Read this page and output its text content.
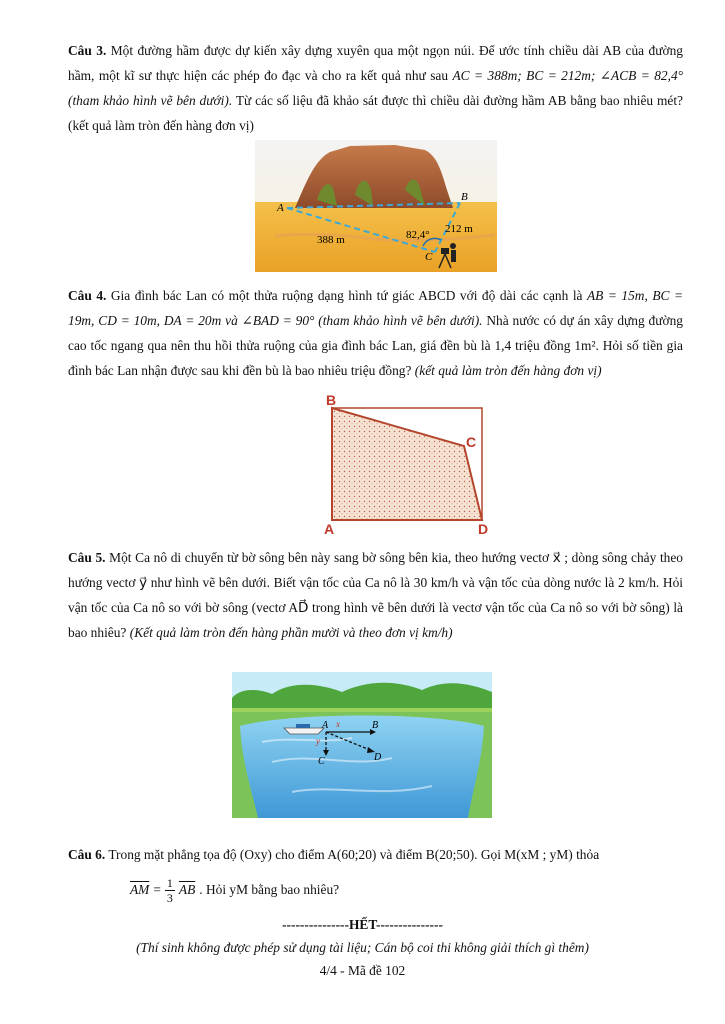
Câu 3. Một đường hầm được dự kiến xây dựng xuyên qua một ngọn núi. Để ước tính chiều dài AB của đường hầm, một kĩ sư thực hiện các phép đo đạc và cho ra kết quả như sau AC = 388m; BC = 212m; ∠ACB = 82,4° (tham khảo hình vẽ bên dưới). Từ các số liệu đã khảo sát được thì chiều dài đường hầm AB bằng bao nhiêu mét? (kết quả làm tròn đến hàng đơn vị)
A
B
C
388 m
212 m
82,4°
Câu 4. Gia đình bác Lan có một thửa ruộng dạng hình tứ giác ABCD với độ dài các cạnh là AB = 15m, BC = 19m, CD = 10m, DA = 20m và ∠BAD = 90° (tham khảo hình vẽ bên dưới). Nhà nước có dự án xây dựng đường cao tốc ngang qua nên thu hồi thửa ruộng của gia đình bác Lan, giá đền bù là 1,4 triệu đồng 1m². Hỏi số tiền gia đình bác Lan nhận được sau khi đền bù là bao nhiêu triệu đồng? (kết quả làm tròn đến hàng đơn vị)
B
C
A	D
Câu 5. Một Ca nô di chuyển từ bờ sông bên này sang bờ sông bên kia, theo hướng vectơ x⃗ ; dòng sông chảy theo hướng vectơ y⃗ như hình vẽ bên dưới. Biết vận tốc của Ca nô là 30 km/h và vận tốc của dòng nước là 2 km/h. Hỏi vận tốc của Ca nô so với bờ sông (vectơ AD⃗ trong hình vẽ bên dưới là vectơ vận tốc của Ca nô so với bờ sông) là bao nhiêu? (Kết quả làm tròn đến hàng phần mười và theo đơn vị km/h)
A x
y
B
C	D
Câu 6. Trong mặt phẳng tọa độ (Oxy) cho điểm A(60;20) và điểm B(20;50). Gọi M(xM ; yM) thỏa
$\overline{AM} = \frac{1}{3} \overline{AB}$ . Hỏi yM bằng bao nhiêu?
---------------HẾT---------------
(Thí sinh không được phép sử dụng tài liệu; Cán bộ coi thi không giải thích gì thêm)
4/4 - Mã đề 102
